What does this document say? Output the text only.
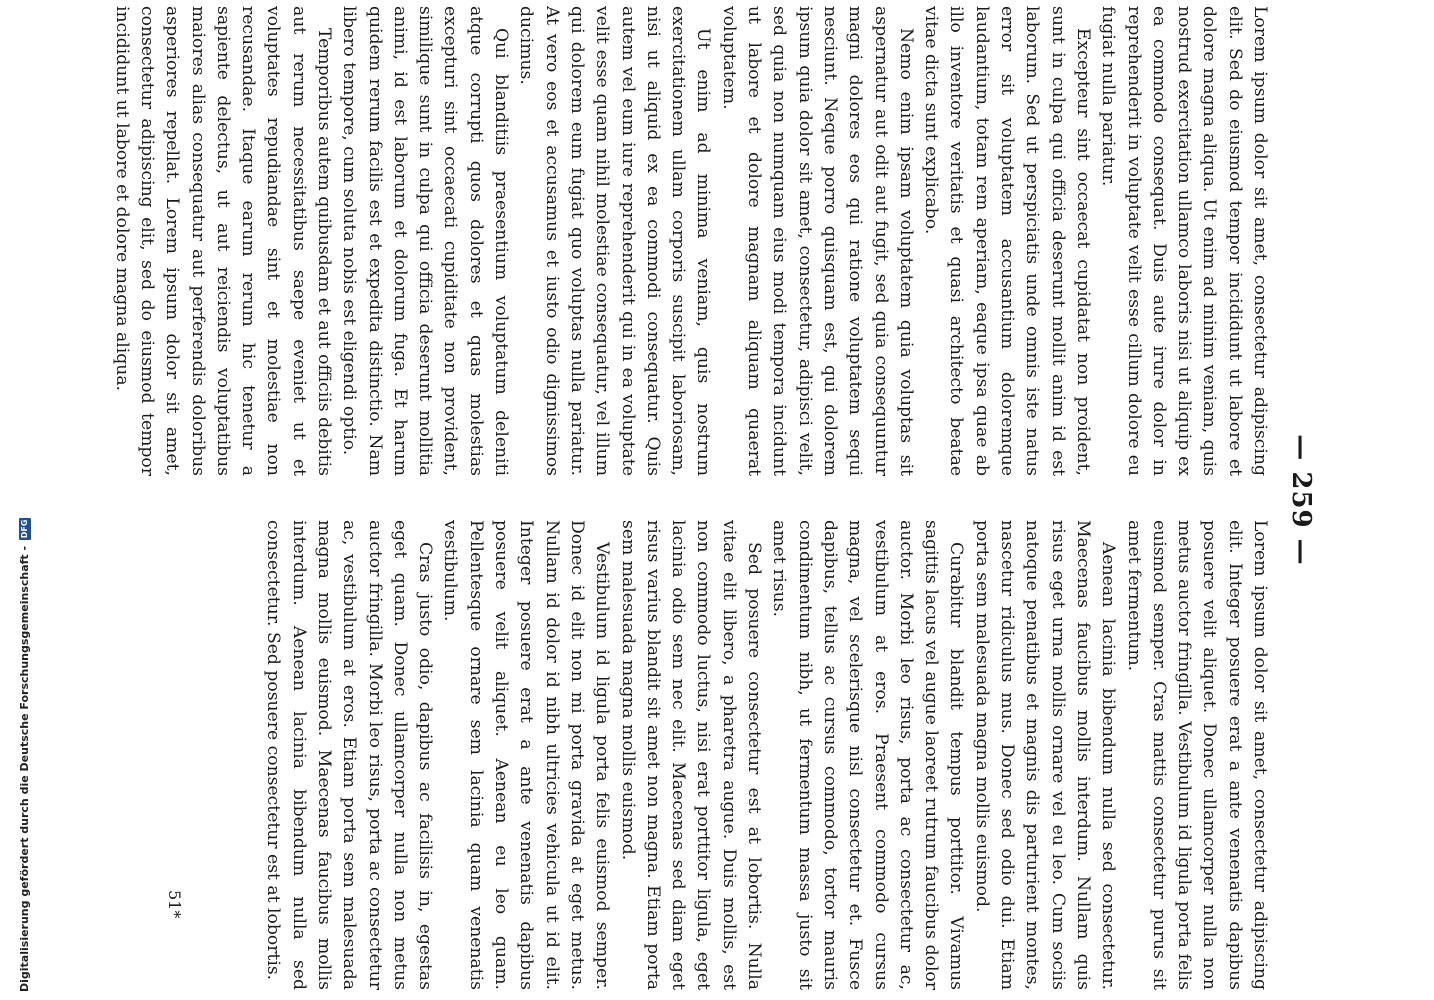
Digitalisierung gefördert durch die Deutsche Forschungsgemeinschaft -
DFG	— 259 —

Lorem ipsum dolor sit amet, consectetur adipiscing elit. Sed do eiusmod tempor incididunt ut labore et dolore magna aliqua. Ut enim ad minim veniam, quis nostrud exercitation ullamco laboris nisi ut aliquip ex ea commodo consequat. Duis aute irure dolor in reprehenderit in voluptate velit esse cillum dolore eu fugiat nulla pariatur.

Excepteur sint occaecat cupidatat non proident, sunt in culpa qui officia deserunt mollit anim id est laborum. Sed ut perspiciatis unde omnis iste natus error sit voluptatem accusantium doloremque laudantium, totam rem aperiam, eaque ipsa quae ab illo inventore veritatis et quasi architecto beatae vitae dicta sunt explicabo.

Nemo enim ipsam voluptatem quia voluptas sit aspernatur aut odit aut fugit, sed quia consequuntur magni dolores eos qui ratione voluptatem sequi nesciunt. Neque porro quisquam est, qui dolorem ipsum quia dolor sit amet, consectetur, adipisci velit, sed quia non numquam eius modi tempora incidunt ut labore et dolore magnam aliquam quaerat voluptatem.

Ut enim ad minima veniam, quis nostrum exercitationem ullam corporis suscipit laboriosam, nisi ut aliquid ex ea commodi consequatur. Quis autem vel eum iure reprehenderit qui in ea voluptate velit esse quam nihil molestiae consequatur, vel illum qui dolorem eum fugiat quo voluptas nulla pariatur. At vero eos et accusamus et iusto odio dignissimos ducimus.

Qui blanditiis praesentium voluptatum deleniti atque corrupti quos dolores et quas molestias excepturi sint occaecati cupiditate non provident, similique sunt in culpa qui officia deserunt mollitia animi, id est laborum et dolorum fuga. Et harum quidem rerum facilis est et expedita distinctio. Nam libero tempore, cum soluta nobis est eligendi optio.

Temporibus autem quibusdam et aut officiis debitis aut rerum necessitatibus saepe eveniet ut et voluptates repudiandae sint et molestiae non recusandae. Itaque earum rerum hic tenetur a sapiente delectus, ut aut reiciendis voluptatibus maiores alias consequatur aut perferendis doloribus asperiores repellat. Lorem ipsum dolor sit amet, consectetur adipiscing elit, sed do eiusmod tempor incididunt ut labore et dolore magna aliqua.

Lorem ipsum dolor sit amet, consectetur adipiscing elit. Integer posuere erat a ante venenatis dapibus posuere velit aliquet. Donec ullamcorper nulla non metus auctor fringilla. Vestibulum id ligula porta felis euismod semper. Cras mattis consectetur purus sit amet fermentum.

Aenean lacinia bibendum nulla sed consectetur. Maecenas faucibus mollis interdum. Nullam quis risus eget urna mollis ornare vel eu leo. Cum sociis natoque penatibus et magnis dis parturient montes, nascetur ridiculus mus. Donec sed odio dui. Etiam porta sem malesuada magna mollis euismod.

Curabitur blandit tempus porttitor. Vivamus sagittis lacus vel augue laoreet rutrum faucibus dolor auctor. Morbi leo risus, porta ac consectetur ac, vestibulum at eros. Praesent commodo cursus magna, vel scelerisque nisl consectetur et. Fusce dapibus, tellus ac cursus commodo, tortor mauris condimentum nibh, ut fermentum massa justo sit amet risus.

Sed posuere consectetur est at lobortis. Nulla vitae elit libero, a pharetra augue. Duis mollis, est non commodo luctus, nisi erat porttitor ligula, eget lacinia odio sem nec elit. Maecenas sed diam eget risus varius blandit sit amet non magna. Etiam porta sem malesuada magna mollis euismod.

Vestibulum id ligula porta felis euismod semper. Donec id elit non mi porta gravida at eget metus. Nullam id dolor id nibh ultricies vehicula ut id elit. Integer posuere erat a ante venenatis dapibus posuere velit aliquet. Aenean eu leo quam. Pellentesque ornare sem lacinia quam venenatis vestibulum.

Cras justo odio, dapibus ac facilisis in, egestas eget quam. Donec ullamcorper nulla non metus auctor fringilla. Morbi leo risus, porta ac consectetur ac, vestibulum at eros. Etiam porta sem malesuada magna mollis euismod. Maecenas faucibus mollis interdum. Aenean lacinia bibendum nulla sed consectetur. Sed posuere consectetur est at lobortis.

51*
